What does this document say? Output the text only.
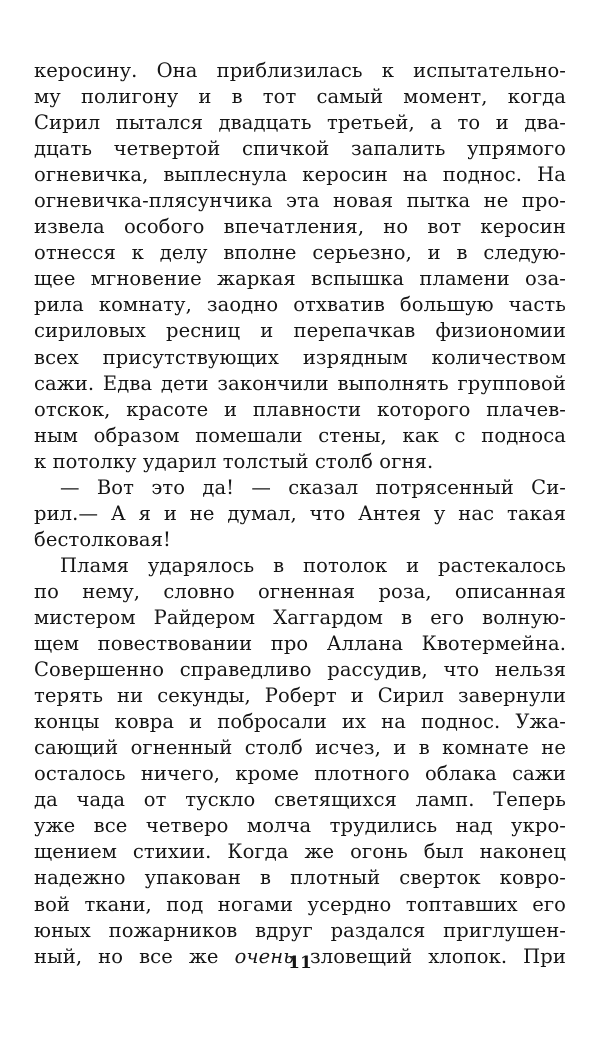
керосину. Она приблизилась к испытательно-
му полигону и в тот самый момент, когда
Сирил пытался двадцать третьей, а то и два-
дцать четвертой спичкой запалить упрямого
огневичка, выплеснула керосин на поднос. На
огневичка-плясунчика эта новая пытка не про-
извела особого впечатления, но вот керосин
отнесся к делу вполне серьезно, и в следую-
щее мгновение жаркая вспышка пламени оза-
рила комнату, заодно отхватив большую часть
сириловых ресниц и перепачкав физиономии
всех присутствующих изрядным количеством
сажи. Едва дети закончили выполнять групповой
отскок, красоте и плавности которого плачев-
ным образом помешали стены, как с подноса
к потолку ударил толстый столб огня.
— Вот это да! — сказал потрясенный Си-
рил.— А я и не думал, что Антея у нас такая
бестолковая!
Пламя ударялось в потолок и растекалось
по нему, словно огненная роза, описанная
мистером Райдером Хаггардом в его волную-
щем повествовании про Аллана Квотермейна.
Совершенно справедливо рассудив, что нельзя
терять ни секунды, Роберт и Сирил завернули
концы ковра и побросали их на поднос. Ужа-
сающий огненный столб исчез, и в комнате не
осталось ничего, кроме плотного облака сажи
да чада от тускло светящихся ламп. Теперь
уже все четверо молча трудились над укро-
щением стихии. Когда же огонь был наконец
надежно упакован в плотный сверток ковро-
вой ткани, под ногами усердно топтавших его
юных пожарников вдруг раздался приглушен-
ный, но все же очень зловещий хлопок. При
11
